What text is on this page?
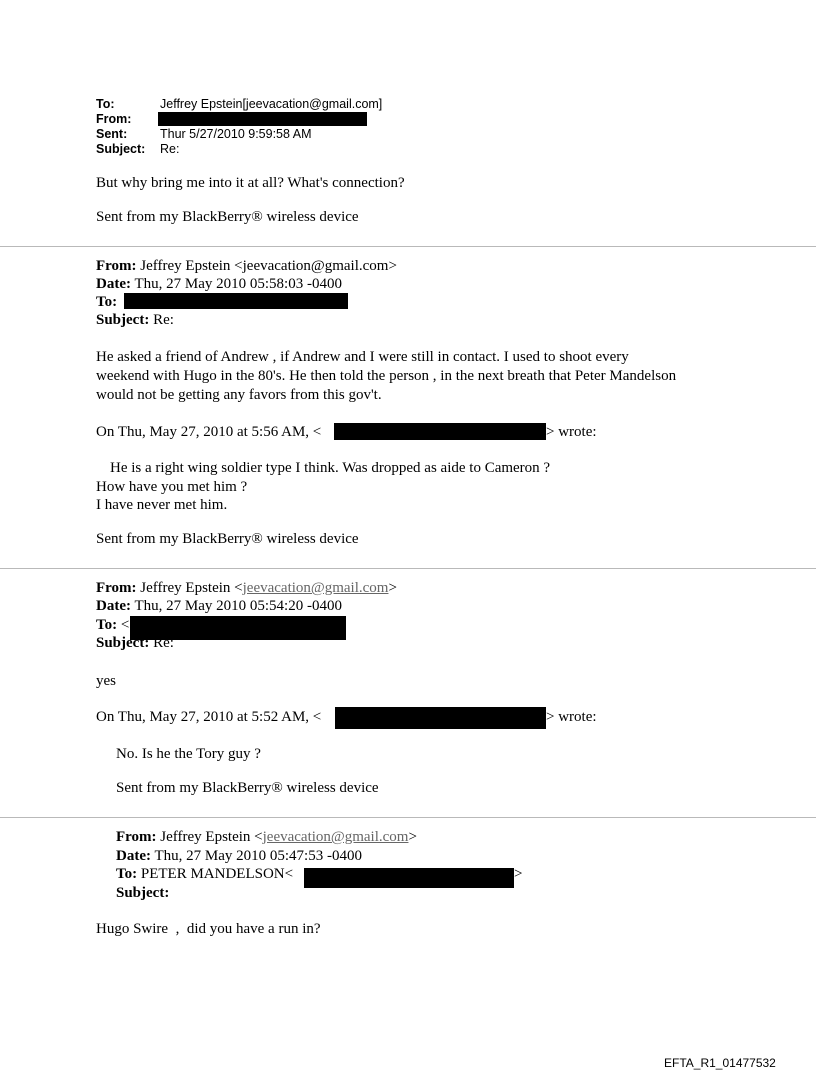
To:	Jeffrey Epstein[jeevacation@gmail.com]
From:
Sent:	Thur 5/27/2010 9:59:58 AM
Subject: Re:
But why bring me into it at all? What's connection?
Sent from my BlackBerry® wireless device
From: Jeffrey Epstein <jeevacation@gmail.com>
Date: Thu, 27 May 2010 05:58:03 -0400
To:
Subject: Re:
He asked a friend of Andrew , if Andrew and I were still in contact. I used to shoot every
weekend with Hugo in the 80's. He then told the person , in the next breath that Peter Mandelson
would not be getting any favors from this gov't.
On Thu, May 27, 2010 at 5:56 AM, <	> wrote:
He is a right wing soldier type I think. Was dropped as aide to Cameron ?
How have you met him ?
I have never met him.
Sent from my BlackBerry® wireless device
From: Jeffrey Epstein <jeevacation@gmail.com>
Date: Thu, 27 May 2010 05:54:20 -0400
To: <
Subject: Re:
yes
On Thu, May 27, 2010 at 5:52 AM, <	> wrote:
No. Is he the Tory guy ?
Sent from my BlackBerry® wireless device
From: Jeffrey Epstein <jeevacation@gmail.com>
Date: Thu, 27 May 2010 05:47:53 -0400
To: PETER MANDELSON<	>
Subject:
Hugo Swire  ,  did you have a run in?
EFTA_R1_01477532
